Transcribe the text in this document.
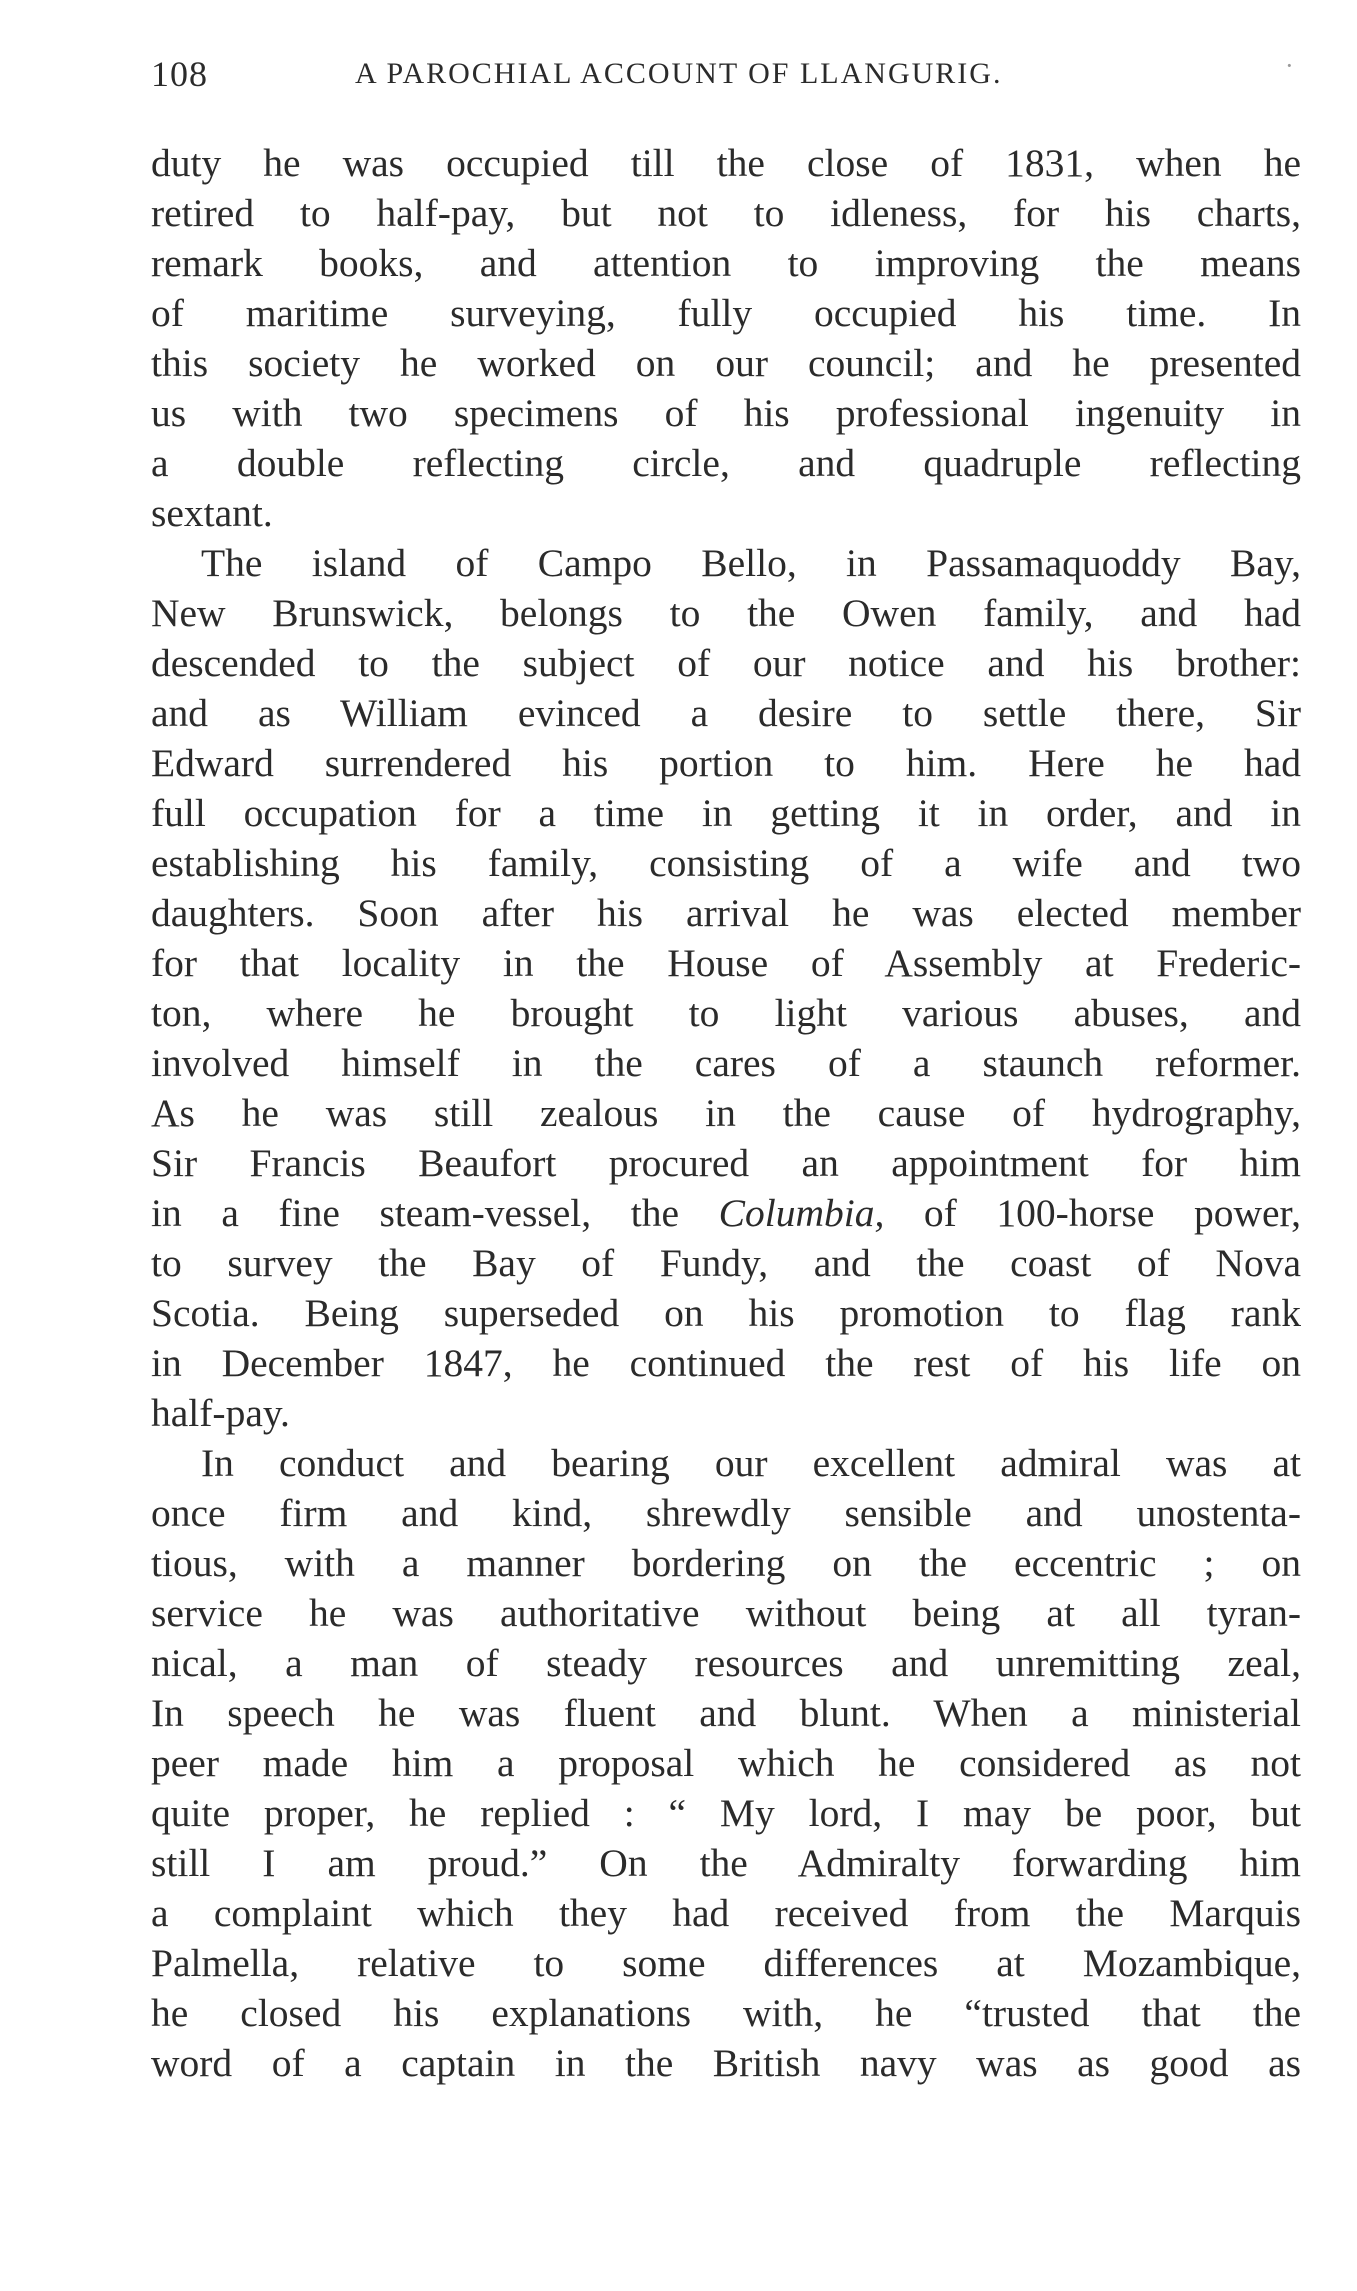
108	A PAROCHIAL ACCOUNT OF LLANGURIG.	·
duty he was occupied till the close of 1831, when he
retired to half-pay, but not to idleness, for his charts,
remark books, and attention to improving the means
of maritime surveying, fully occupied his time. In
this society he worked on our council; and he presented
us with two specimens of his professional ingenuity in
a double reflecting circle, and quadruple reflecting
sextant.
The island of Campo Bello, in Passamaquoddy Bay,
New Brunswick, belongs to the Owen family, and had
descended to the subject of our notice and his brother:
and as William evinced a desire to settle there, Sir
Edward surrendered his portion to him. Here he had
full occupation for a time in getting it in order, and in
establishing his family, consisting of a wife and two
daughters. Soon after his arrival he was elected member
for that locality in the House of Assembly at Frederic-
ton, where he brought to light various abuses, and
involved himself in the cares of a staunch reformer.
As he was still zealous in the cause of hydrography,
Sir Francis Beaufort procured an appointment for him
in a fine steam-vessel, the Columbia, of 100-horse power,
to survey the Bay of Fundy, and the coast of Nova
Scotia. Being superseded on his promotion to flag rank
in December 1847, he continued the rest of his life on
half-pay.
In conduct and bearing our excellent admiral was at
once firm and kind, shrewdly sensible and unostenta-
tious, with a manner bordering on the eccentric ; on
service he was authoritative without being at all tyran-
nical, a man of steady resources and unremitting zeal,
In speech he was fluent and blunt. When a ministerial
peer made him a proposal which he considered as not
quite proper, he replied : “ My lord, I may be poor, but
still I am proud.” On the Admiralty forwarding him
a complaint which they had received from the Marquis
Palmella, relative to some differences at Mozambique,
he closed his explanations with, he “trusted that the
word of a captain in the British navy was as good as
